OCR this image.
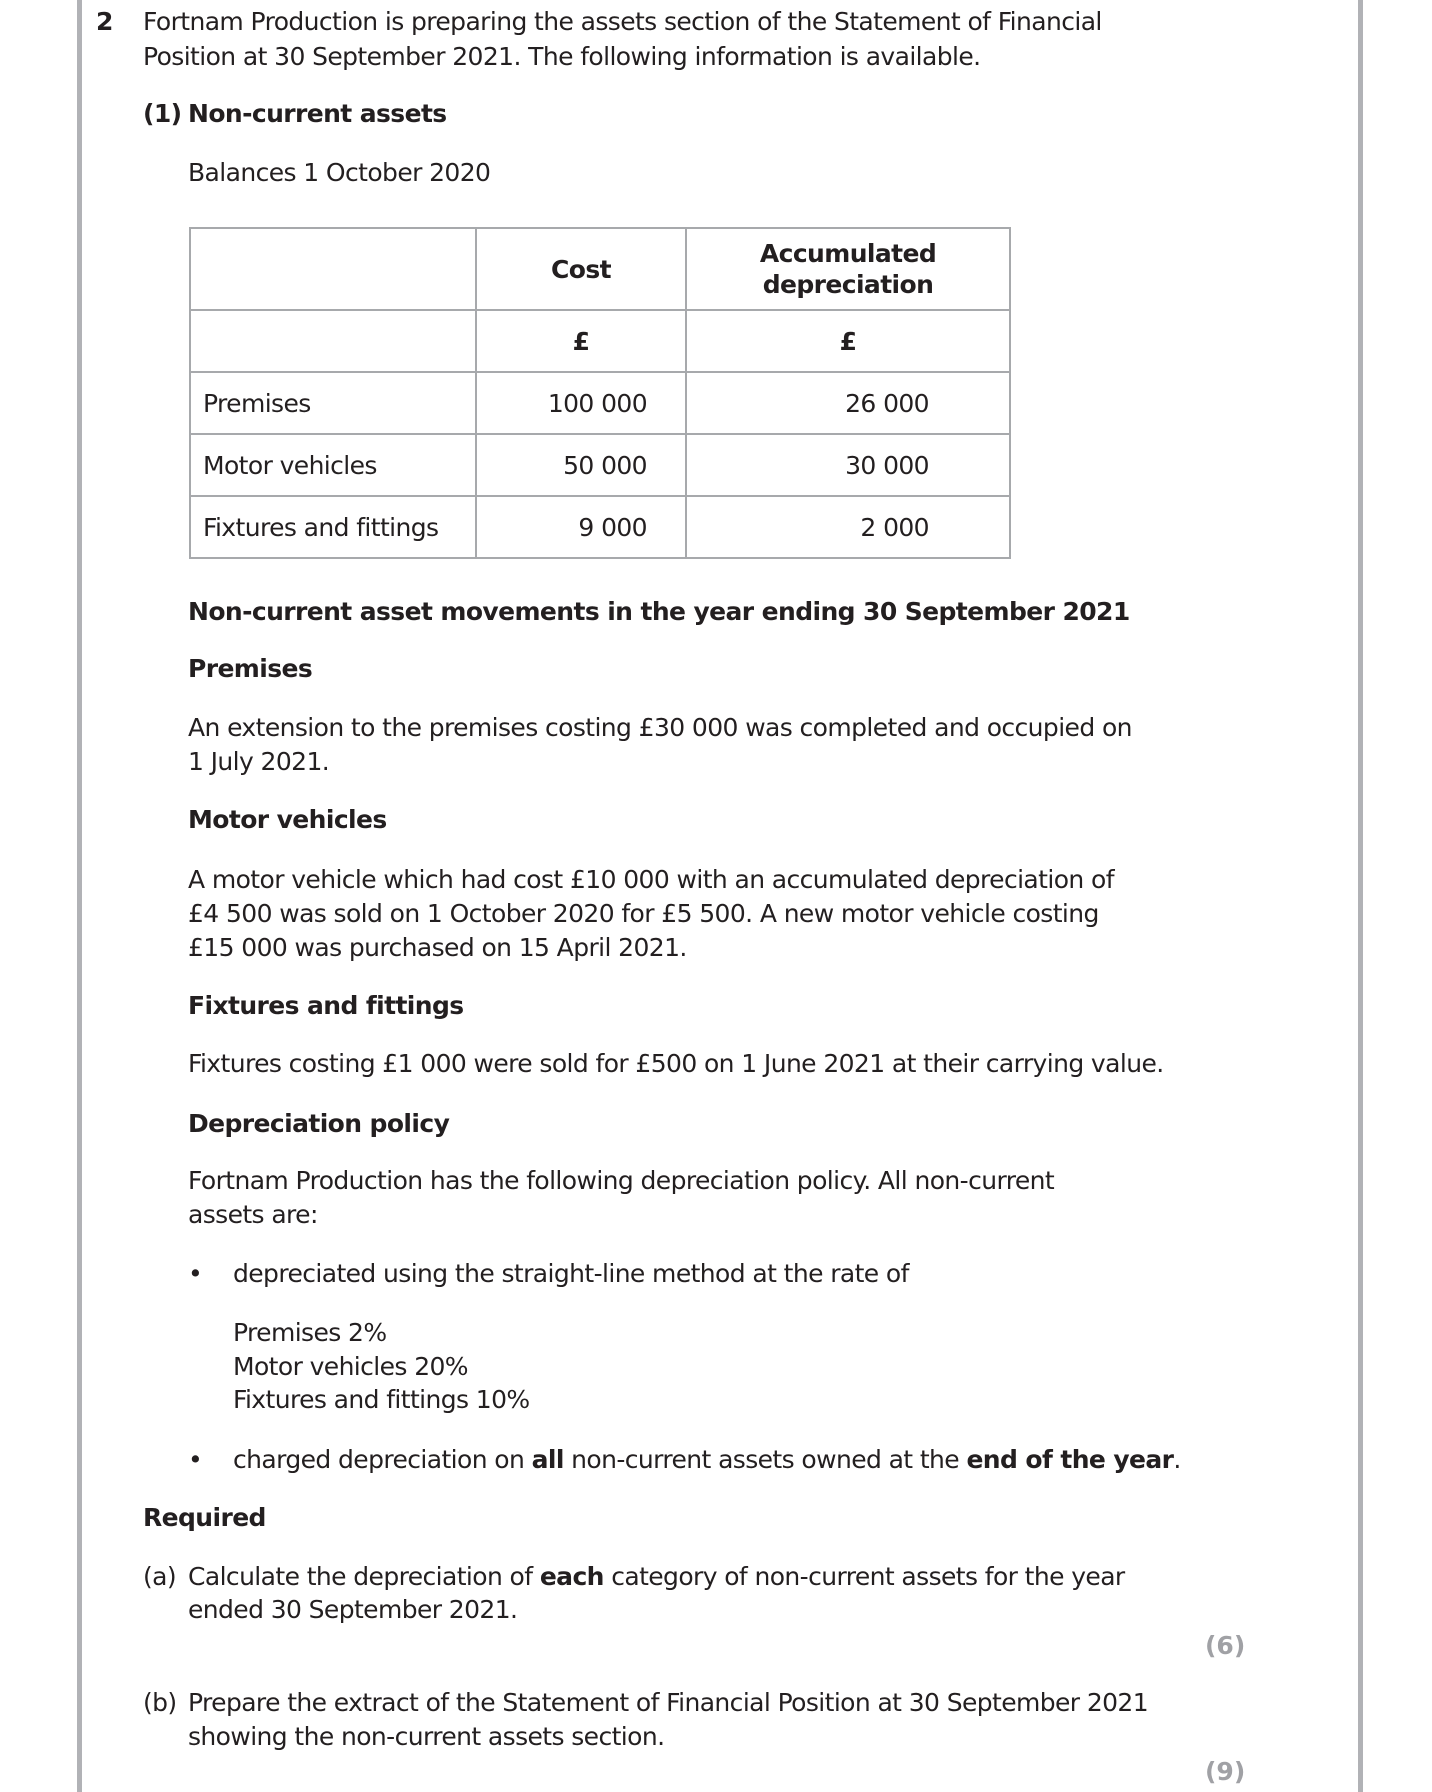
2 Fortnam Production is preparing the assets section of the Statement of Financial
Position at 30 September 2021. The following information is available.
(1) Non-current assets
Balances 1 October 2020
	Cost	Accumulated
depreciation

	£	£
Premises	100 000	26 000
Motor vehicles	50 000	30 000
Fixtures and fittings	9 000	2 000
Non-current asset movements in the year ending 30 September 2021
Premises
An extension to the premises costing £30 000 was completed and occupied on
1 July 2021.
Motor vehicles
A motor vehicle which had cost £10 000 with an accumulated depreciation of
£4 500 was sold on 1 October 2020 for £5 500. A new motor vehicle costing
£15 000 was purchased on 15 April 2021.
Fixtures and fittings
Fixtures costing £1 000 were sold for £500 on 1 June 2021 at their carrying value.
Depreciation policy
Fortnam Production has the following depreciation policy. All non-current
assets are:
• depreciated using the straight-line method at the rate of
Premises 2%
Motor vehicles 20%
Fixtures and fittings 10%
• charged depreciation on all non-current assets owned at the end of the year.
Required
(a) Calculate the depreciation of each category of non-current assets for the year
ended 30 September 2021.
(6)
(b) Prepare the extract of the Statement of Financial Position at 30 September 2021
showing the non-current assets section.
(9)
